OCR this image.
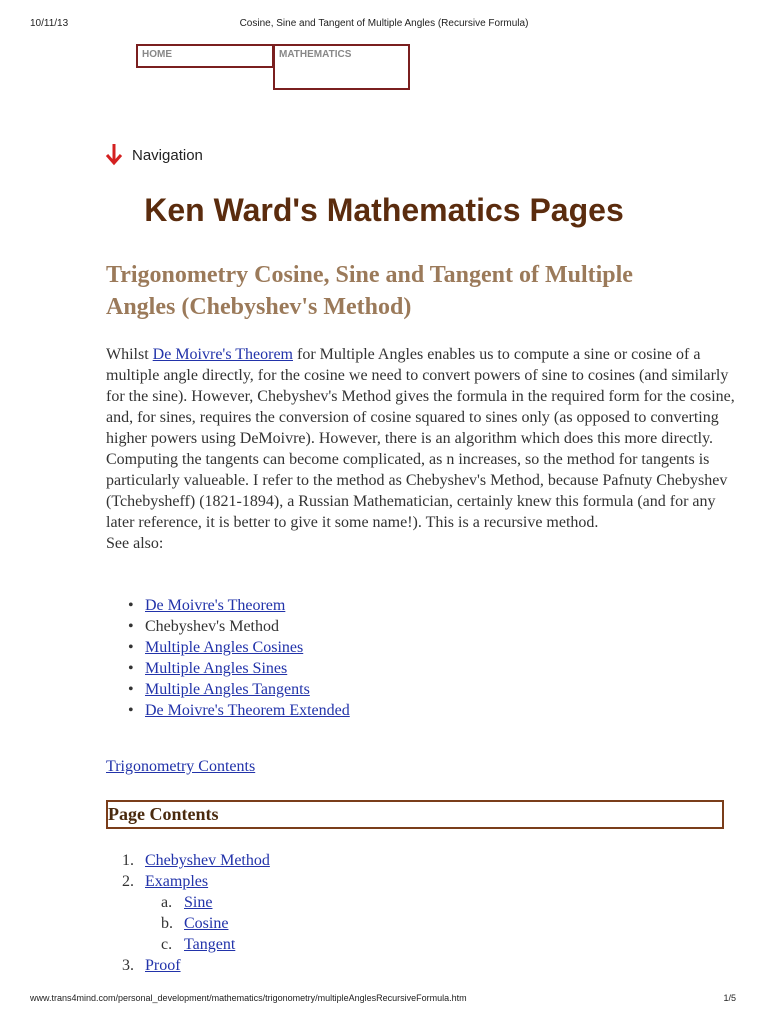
10/11/13	Cosine, Sine and Tangent of Multiple Angles (Recursive Formula)
HOME	MATHEMATICS
Navigation
Ken Ward's Mathematics Pages
Trigonometry Cosine, Sine and Tangent of Multiple Angles (Chebyshev's Method)

Whilst De Moivre's Theorem for Multiple Angles enables us to compute a sine or cosine of a multiple angle directly, for the cosine we need to convert powers of sine to cosines (and similarly for the sine). However, Chebyshev's Method gives the formula in the required form for the cosine, and, for sines, requires the conversion of cosine squared to sines only (as opposed to converting higher powers using DeMoivre). However, there is an algorithm which does this more directly. Computing the tangents can become complicated, as n increases, so the method for tangents is particularly valueable. I refer to the method as Chebyshev's Method, because Pafnuty Chebyshev (Tchebysheff) (1821-1894), a Russian Mathematician, certainly knew this formula (and for any later reference, it is better to give it some name!). This is a recursive method.
See also:

• De Moivre's Theorem
• Chebyshev's Method
• Multiple Angles Cosines
• Multiple Angles Sines
• Multiple Angles Tangents
• De Moivre's Theorem Extended
Trigonometry Contents
Page Contents
1. Chebyshev Method
2. Examples
a. Sine
b. Cosine
c. Tangent
3. Proof
www.trans4mind.com/personal_development/mathematics/trigonometry/multipleAnglesRecursiveFormula.htm	1/5
